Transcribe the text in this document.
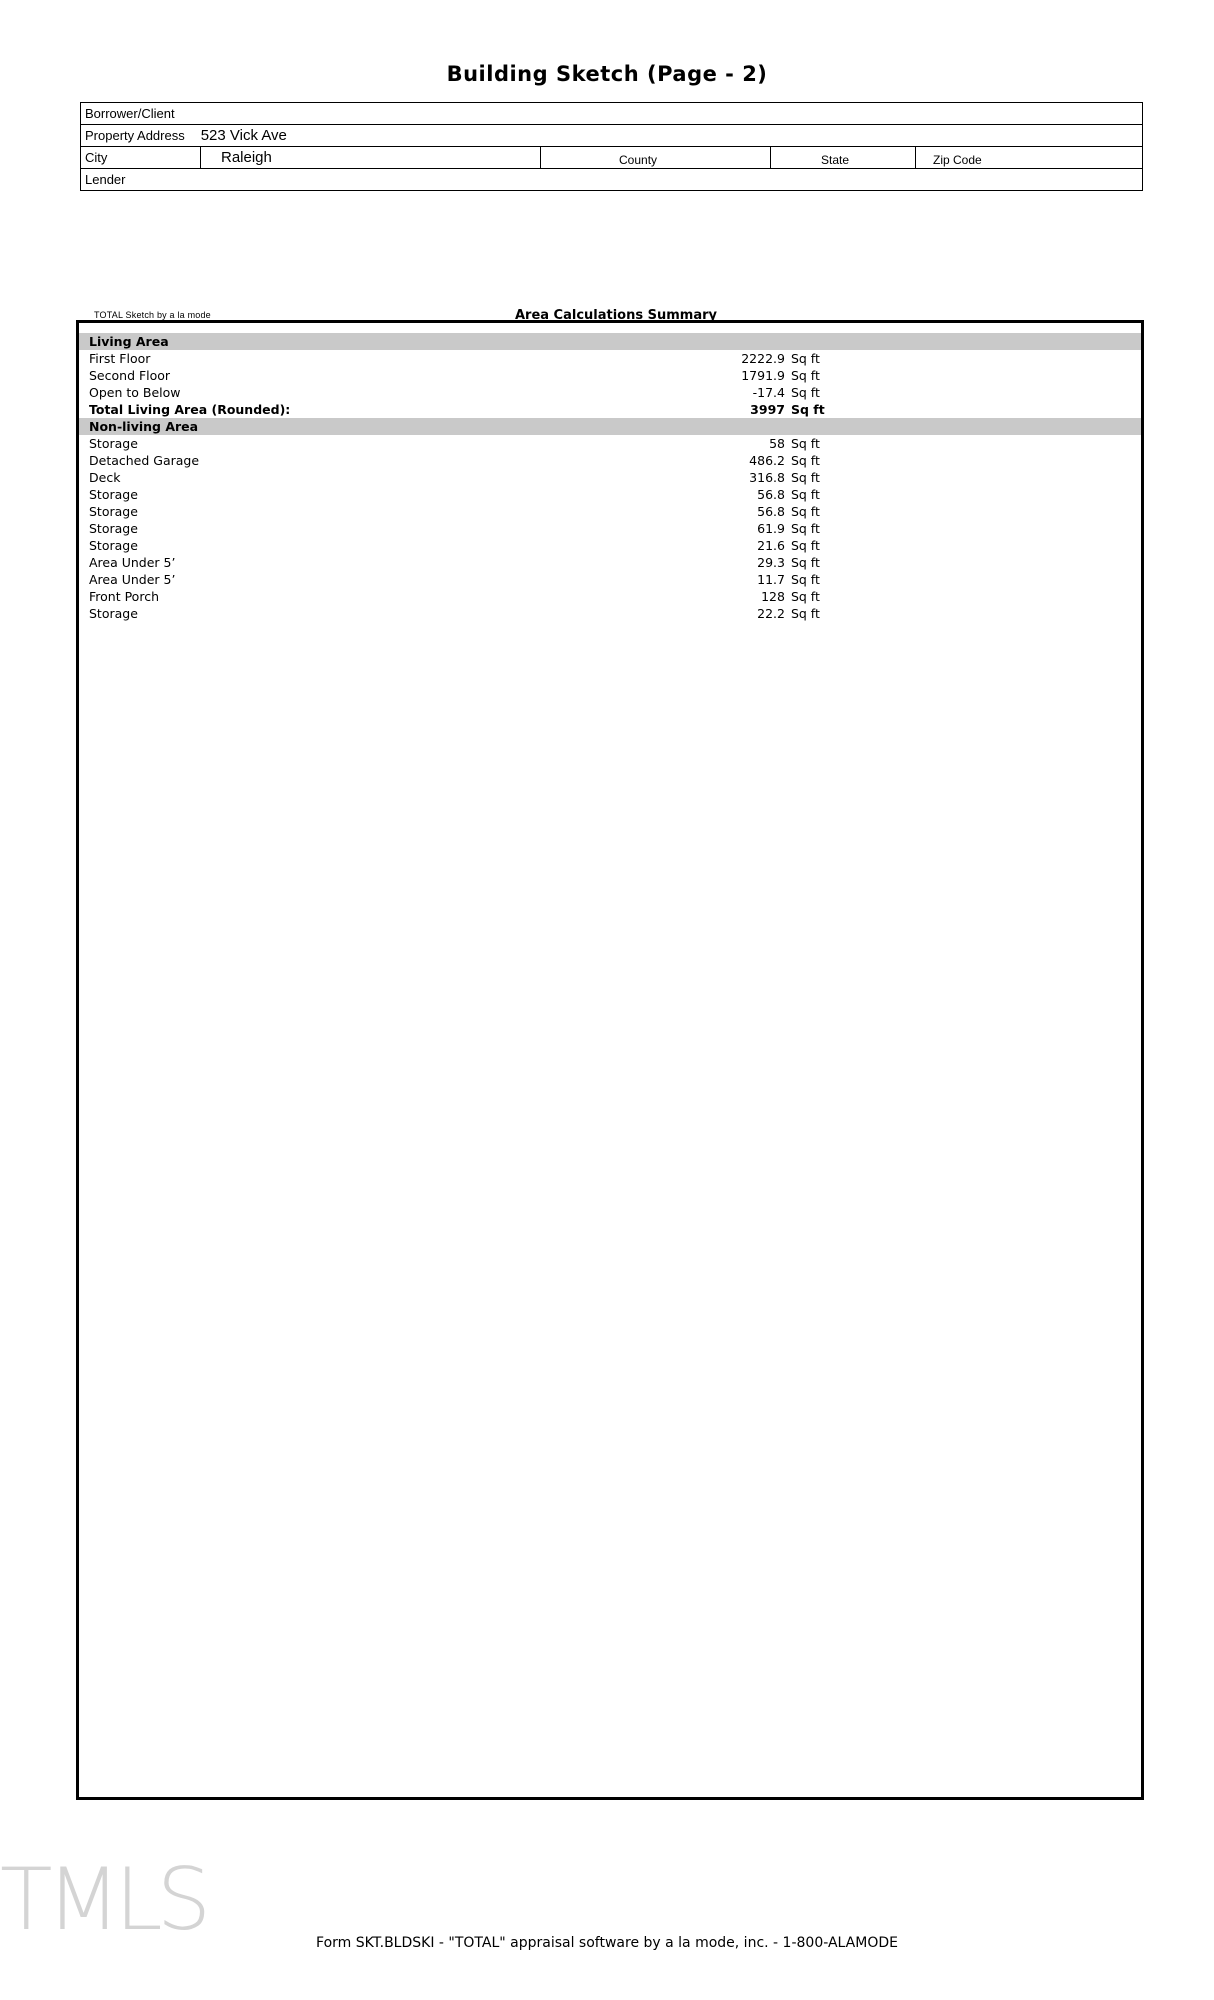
Building Sketch (Page - 2)
Borrower/Client

Property Address	523 Vick Ave

City	Raleigh	County	State	Zip Code

Lender
TOTAL Sketch by a la mode	Area Calculations Summary
Living Area		
First Floor	2222.9	Sq ft
Second Floor	1791.9	Sq ft
Open to Below	-17.4	Sq ft
Total Living Area (Rounded):	3997	Sq ft
Non-living Area		
Storage	58	Sq ft
Detached Garage	486.2	Sq ft
Deck	316.8	Sq ft
Storage	56.8	Sq ft
Storage	56.8	Sq ft
Storage	61.9	Sq ft
Storage	21.6	Sq ft
Area Under 5’	29.3	Sq ft
Area Under 5’	11.7	Sq ft
Front Porch	128	Sq ft
Storage	22.2	Sq ft
TMLS	Form SKT.BLDSKI - "TOTAL" appraisal software by a la mode, inc. - 1-800-ALAMODE
